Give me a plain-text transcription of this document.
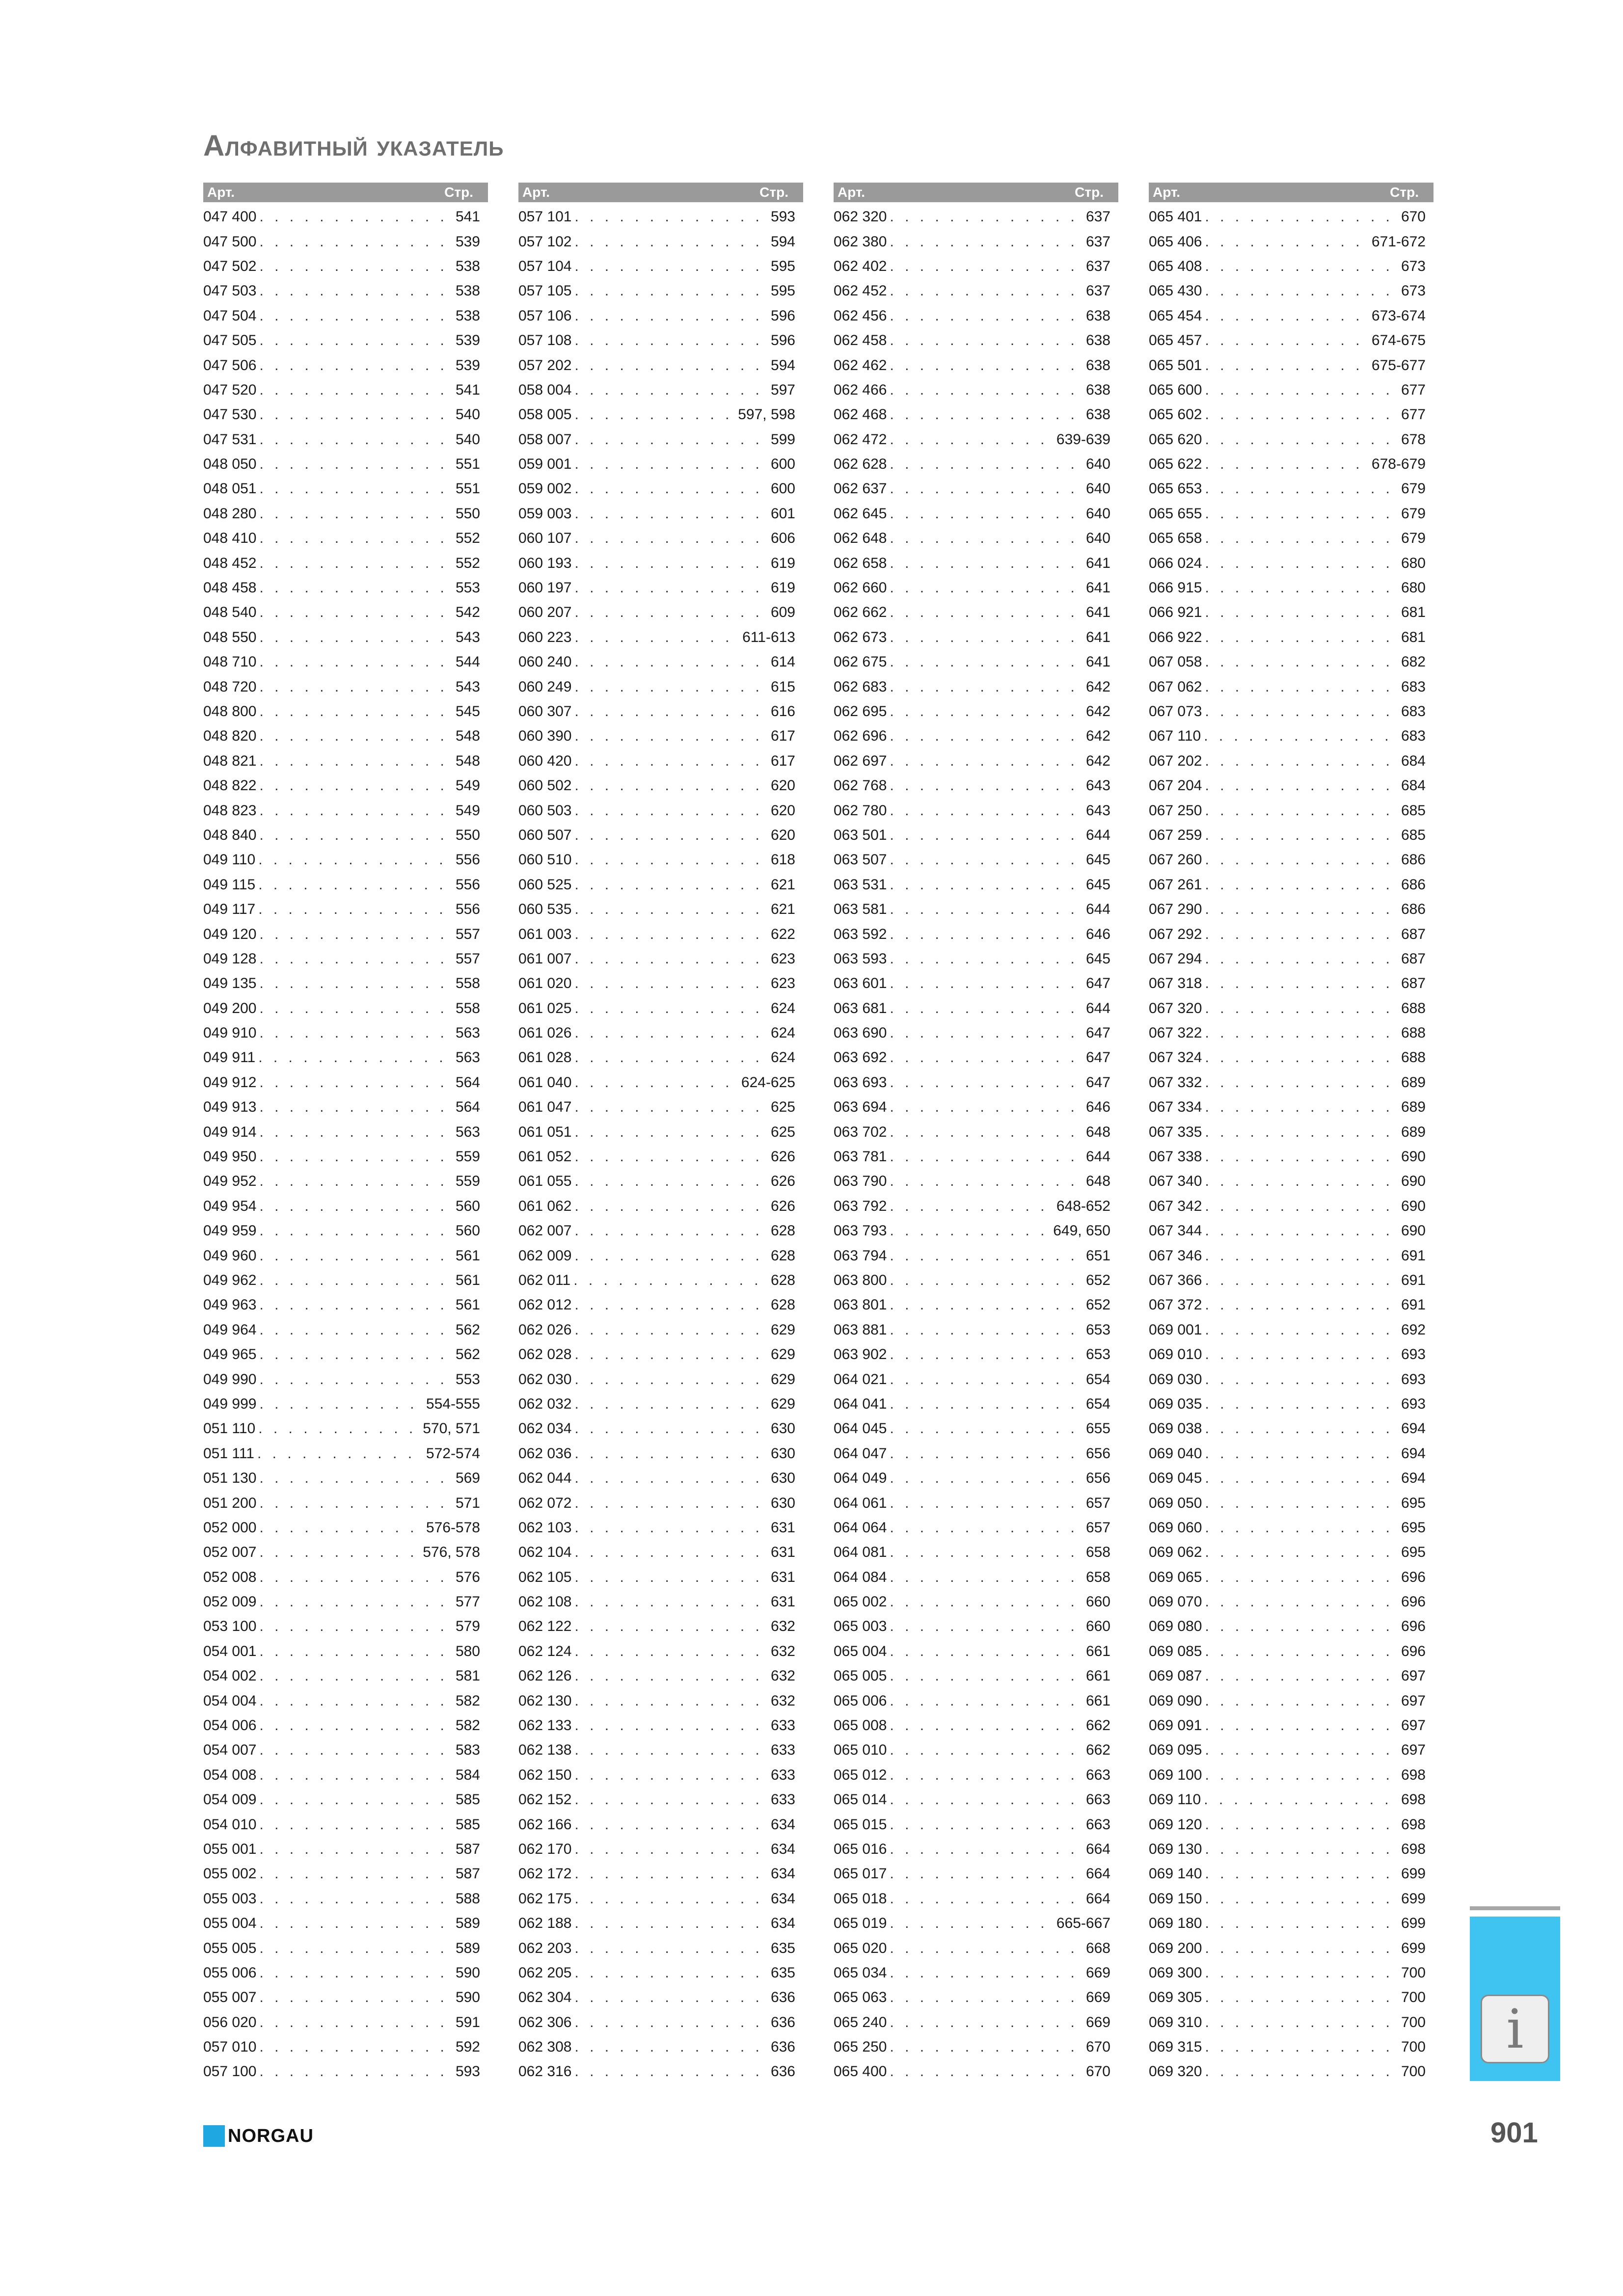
Алфавитный указатель
Арт.	Стр.
047 400 . . .	541
047 500 . . .	539
047 502 . . .	538
047 503 . . .	538
047 504 . . .	538
047 505 . . .	539
047 506 . . .	539
047 520 . . .	541
047 530 . . .	540
047 531 . . .	540
048 050 . . .	551
048 051 . . .	551
048 280 . . .	550
048 410 . . .	552
048 452 . . .	552
048 458 . . .	553
048 540 . . .	542
048 550 . . .	543
048 710 . . .	544
048 720 . . .	543
048 800 . . .	545
048 820 . . .	548
048 821 . . .	548
048 822 . . .	549
048 823 . . .	549
048 840 . . .	550
049 110 . . .	556
049 115 . . .	556
049 117 . . .	556
049 120 . . .	557
049 128 . . .	557
049 135 . . .	558
049 200 . . .	558
049 910 . . .	563
049 911 . . .	563
049 912 . . .	564
049 913 . . .	564
049 914 . . .	563
049 950 . . .	559
049 952 . . .	559
049 954 . . .	560
049 959 . . .	560
049 960 . . .	561
049 962 . . .	561
049 963 . . .	561
049 964 . . .	562
049 965 . . .	562
049 990 . . .	553
049 999 . . .	554-555
051 110 . . .	570, 571
051 111 . . .	572-574
051 130 . . .	569
051 200 . . .	571
052 000 . . .	576-578
052 007 . . .	576, 578
052 008 . . .	576
052 009 . . .	577
053 100 . . .	579
054 001 . . .	580
054 002 . . .	581
054 004 . . .	582
054 006 . . .	582
054 007 . . .	583
054 008 . . .	584
054 009 . . .	585
054 010 . . .	585
055 001 . . .	587
055 002 . . .	587
055 003 . . .	588
055 004 . . .	589
055 005 . . .	589
055 006 . . .	590
055 007 . . .	590
056 020 . . .	591
057 010 . . .	592
057 100 . . .	593
Арт.	Стр.
057 101 . . .	593
057 102 . . .	594
057 104 . . .	595
057 105 . . .	595
057 106 . . .	596
057 108 . . .	596
057 202 . . .	594
058 004 . . .	597
058 005 . . .	597, 598
058 007 . . .	599
059 001 . . .	600
059 002 . . .	600
059 003 . . .	601
060 107 . . .	606
060 193 . . .	619
060 197 . . .	619
060 207 . . .	609
060 223 . . .	611-613
060 240 . . .	614
060 249 . . .	615
060 307 . . .	616
060 390 . . .	617
060 420 . . .	617
060 502 . . .	620
060 503 . . .	620
060 507 . . .	620
060 510 . . .	618
060 525 . . .	621
060 535 . . .	621
061 003 . . .	622
061 007 . . .	623
061 020 . . .	623
061 025 . . .	624
061 026 . . .	624
061 028 . . .	624
061 040 . . .	624-625
061 047 . . .	625
061 051 . . .	625
061 052 . . .	626
061 055 . . .	626
061 062 . . .	626
062 007 . . .	628
062 009 . . .	628
062 011 . . .	628
062 012 . . .	628
062 026 . . .	629
062 028 . . .	629
062 030 . . .	629
062 032 . . .	629
062 034 . . .	630
062 036 . . .	630
062 044 . . .	630
062 072 . . .	630
062 103 . . .	631
062 104 . . .	631
062 105 . . .	631
062 108 . . .	631
062 122 . . .	632
062 124 . . .	632
062 126 . . .	632
062 130 . . .	632
062 133 . . .	633
062 138 . . .	633
062 150 . . .	633
062 152 . . .	633
062 166 . . .	634
062 170 . . .	634
062 172 . . .	634
062 175 . . .	634
062 188 . . .	634
062 203 . . .	635
062 205 . . .	635
062 304 . . .	636
062 306 . . .	636
062 308 . . .	636
062 316 . . .	636
Арт.	Стр.
062 320 . . .	637
062 380 . . .	637
062 402 . . .	637
062 452 . . .	637
062 456 . . .	638
062 458 . . .	638
062 462 . . .	638
062 466 . . .	638
062 468 . . .	638
062 472 . . .	639-639
062 628 . . .	640
062 637 . . .	640
062 645 . . .	640
062 648 . . .	640
062 658 . . .	641
062 660 . . .	641
062 662 . . .	641
062 673 . . .	641
062 675 . . .	641
062 683 . . .	642
062 695 . . .	642
062 696 . . .	642
062 697 . . .	642
062 768 . . .	643
062 780 . . .	643
063 501 . . .	644
063 507 . . .	645
063 531 . . .	645
063 581 . . .	644
063 592 . . .	646
063 593 . . .	645
063 601 . . .	647
063 681 . . .	644
063 690 . . .	647
063 692 . . .	647
063 693 . . .	647
063 694 . . .	646
063 702 . . .	648
063 781 . . .	644
063 790 . . .	648
063 792 . . .	648-652
063 793 . . .	649, 650
063 794 . . .	651
063 800 . . .	652
063 801 . . .	652
063 881 . . .	653
063 902 . . .	653
064 021 . . .	654
064 041 . . .	654
064 045 . . .	655
064 047 . . .	656
064 049 . . .	656
064 061 . . .	657
064 064 . . .	657
064 081 . . .	658
064 084 . . .	658
065 002 . . .	660
065 003 . . .	660
065 004 . . .	661
065 005 . . .	661
065 006 . . .	661
065 008 . . .	662
065 010 . . .	662
065 012 . . .	663
065 014 . . .	663
065 015 . . .	663
065 016 . . .	664
065 017 . . .	664
065 018 . . .	664
065 019 . . .	665-667
065 020 . . .	668
065 034 . . .	669
065 063 . . .	669
065 240 . . .	669
065 250 . . .	670
065 400 . . .	670
Арт.	Стр.
065 401 . . .	670
065 406 . . .	671-672
065 408 . . .	673
065 430 . . .	673
065 454 . . .	673-674
065 457 . . .	674-675
065 501 . . .	675-677
065 600 . . .	677
065 602 . . .	677
065 620 . . .	678
065 622 . . .	678-679
065 653 . . .	679
065 655 . . .	679
065 658 . . .	679
066 024 . . .	680
066 915 . . .	680
066 921 . . .	681
066 922 . . .	681
067 058 . . .	682
067 062 . . .	683
067 073 . . .	683
067 110 . . .	683
067 202 . . .	684
067 204 . . .	684
067 250 . . .	685
067 259 . . .	685
067 260 . . .	686
067 261 . . .	686
067 290 . . .	686
067 292 . . .	687
067 294 . . .	687
067 318 . . .	687
067 320 . . .	688
067 322 . . .	688
067 324 . . .	688
067 332 . . .	689
067 334 . . .	689
067 335 . . .	689
067 338 . . .	690
067 340 . . .	690
067 342 . . .	690
067 344 . . .	690
067 346 . . .	691
067 366 . . .	691
067 372 . . .	691
069 001 . . .	692
069 010 . . .	693
069 030 . . .	693
069 035 . . .	693
069 038 . . .	694
069 040 . . .	694
069 045 . . .	694
069 050 . . .	695
069 060 . . .	695
069 062 . . .	695
069 065 . . .	696
069 070 . . .	696
069 080 . . .	696
069 085 . . .	696
069 087 . . .	697
069 090 . . .	697
069 091 . . .	697
069 095 . . .	697
069 100 . . .	698
069 110 . . .	698
069 120 . . .	698
069 130 . . .	698
069 140 . . .	699
069 150 . . .	699
069 180 . . .	699
069 200 . . .	699
069 300 . . .	700
069 305 . . .	700
069 310 . . .	700
069 315 . . .	700
069 320 . . .	700
i
NORGAU	901
